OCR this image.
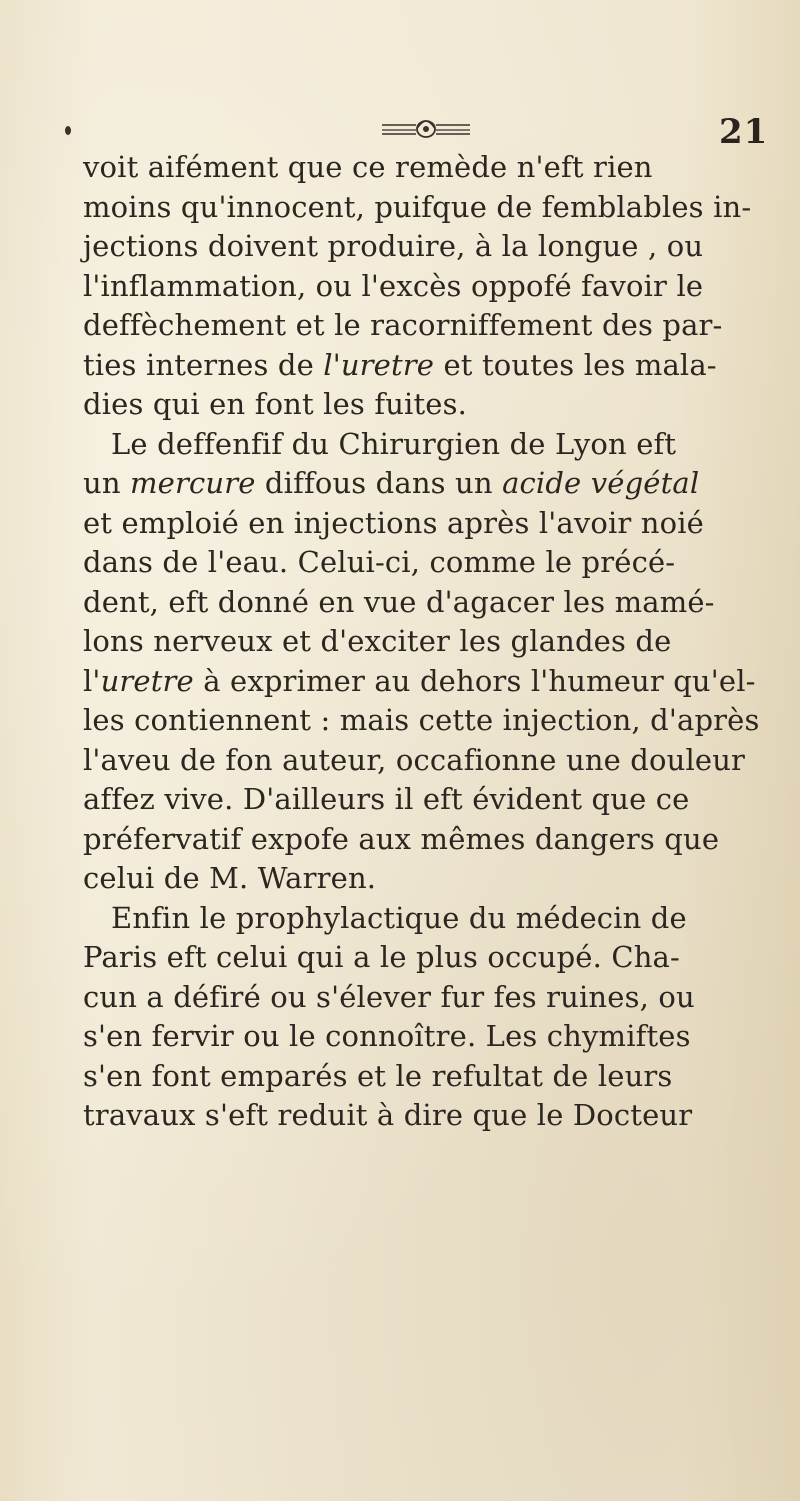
21
voit aifément que ce remède n'eft rien
moins qu'innocent, puifque de femblables in-
jections doivent produire, à la longue , ou
l'inflammation, ou l'excès oppofé favoir le
deffèchement et le racorniffement des par-
ties internes de l'uretre et toutes les mala-
dies qui en font les fuites.
Le deffenfif du Chirurgien de Lyon eft
un mercure diffous dans un acide végétal
et emploié en injections après l'avoir noié
dans de l'eau. Celui-ci, comme le précé-
dent, eft donné en vue d'agacer les mamé-
lons nerveux et d'exciter les glandes de
l'uretre à exprimer au dehors l'humeur qu'el-
les contiennent : mais cette injection, d'après
l'aveu de fon auteur, occafionne une douleur
affez vive. D'ailleurs il eft évident que ce
préfervatif expofe aux mêmes dangers que
celui de M. Warren.
Enfin le prophylactique du médecin de
Paris eft celui qui a le plus occupé. Cha-
cun a défiré ou s'élever fur fes ruines, ou
s'en fervir ou le connoître. Les chymiftes
s'en font emparés et le refultat de leurs
travaux s'eft reduit à dire que le Docteur
